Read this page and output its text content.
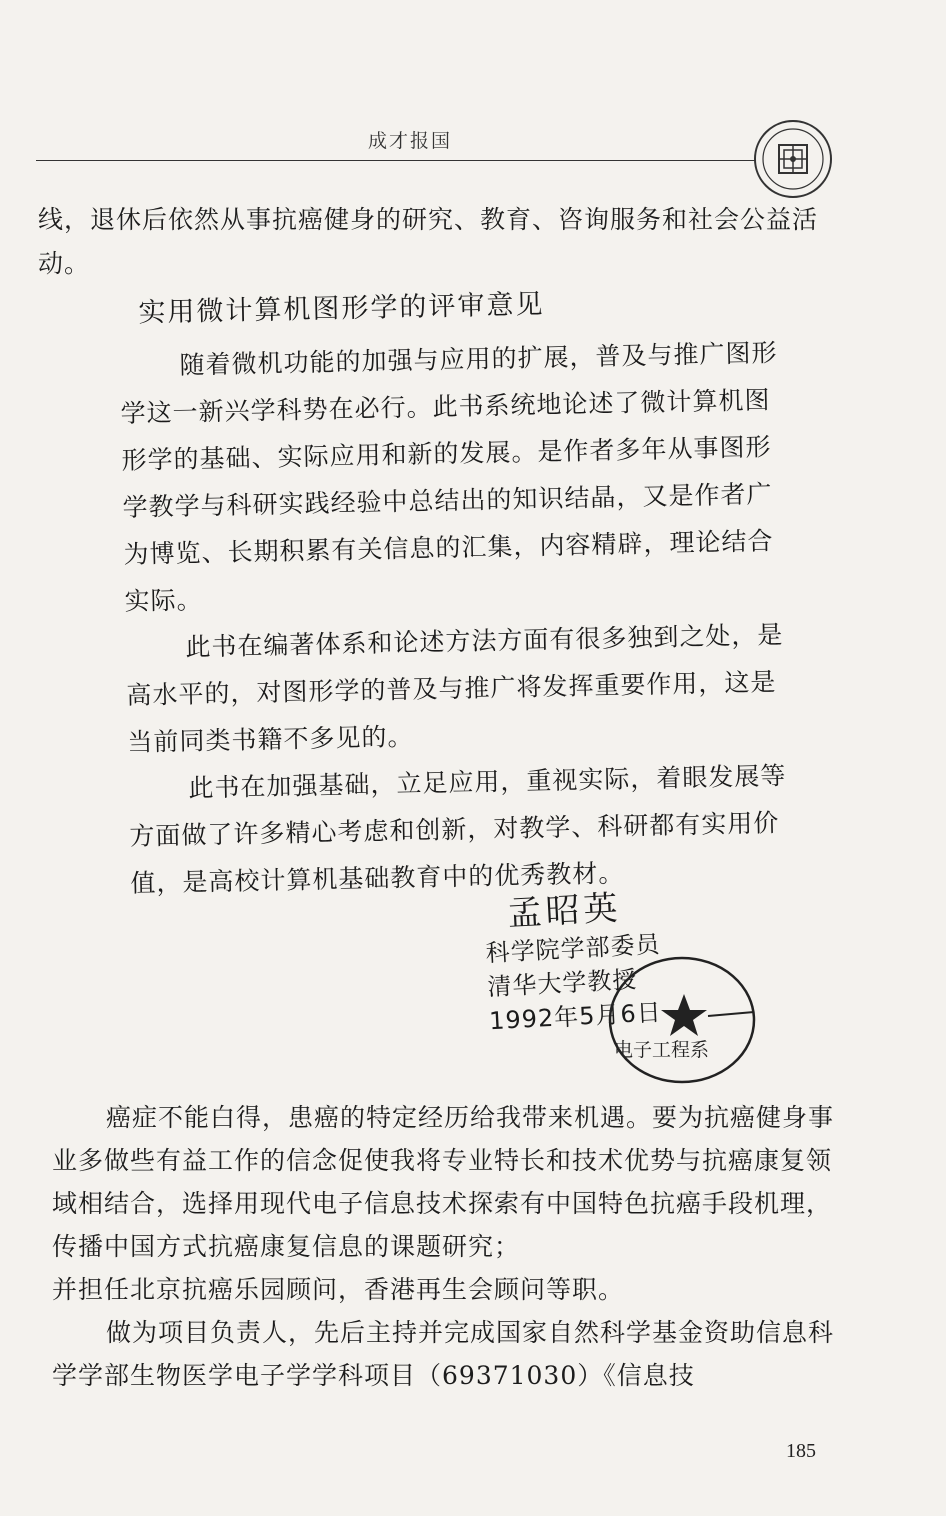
成才报国

线，退休后依然从事抗癌健身的研究、教育、咨询服务和社会公益活动。

实用微计算机图形学的评审意见

随着微机功能的加强与应用的扩展，普及与推广图形学这一新兴学科势在必行。此书系统地论述了微计算机图形学的基础、实际应用和新的发展。是作者多年从事图形学教学与科研实践经验中总结出的知识结晶，又是作者广为博览、长期积累有关信息的汇集，内容精辟，理论结合实际。

此书在编著体系和论述方法方面有很多独到之处，是高水平的，对图形学的普及与推广将发挥重要作用，这是当前同类书籍不多见的。

此书在加强基础，立足应用，重视实际，着眼发展等方面做了许多精心考虑和创新，对教学、科研都有实用价值，是高校计算机基础教育中的优秀教材。

孟昭英
科学院学部委员
清华大学教授
1992年5月6日
电子工程系

癌症不能白得，患癌的特定经历给我带来机遇。要为抗癌健身事业多做些有益工作的信念促使我将专业特长和技术优势与抗癌康复领域相结合，选择用现代电子信息技术探索有中国特色抗癌手段机理，传播中国方式抗癌康复信息的课题研究；

并担任北京抗癌乐园顾问，香港再生会顾问等职。

做为项目负责人，先后主持并完成国家自然科学基金资助信息科学学部生物医学电子学学科项目（69371030）《信息技

185
